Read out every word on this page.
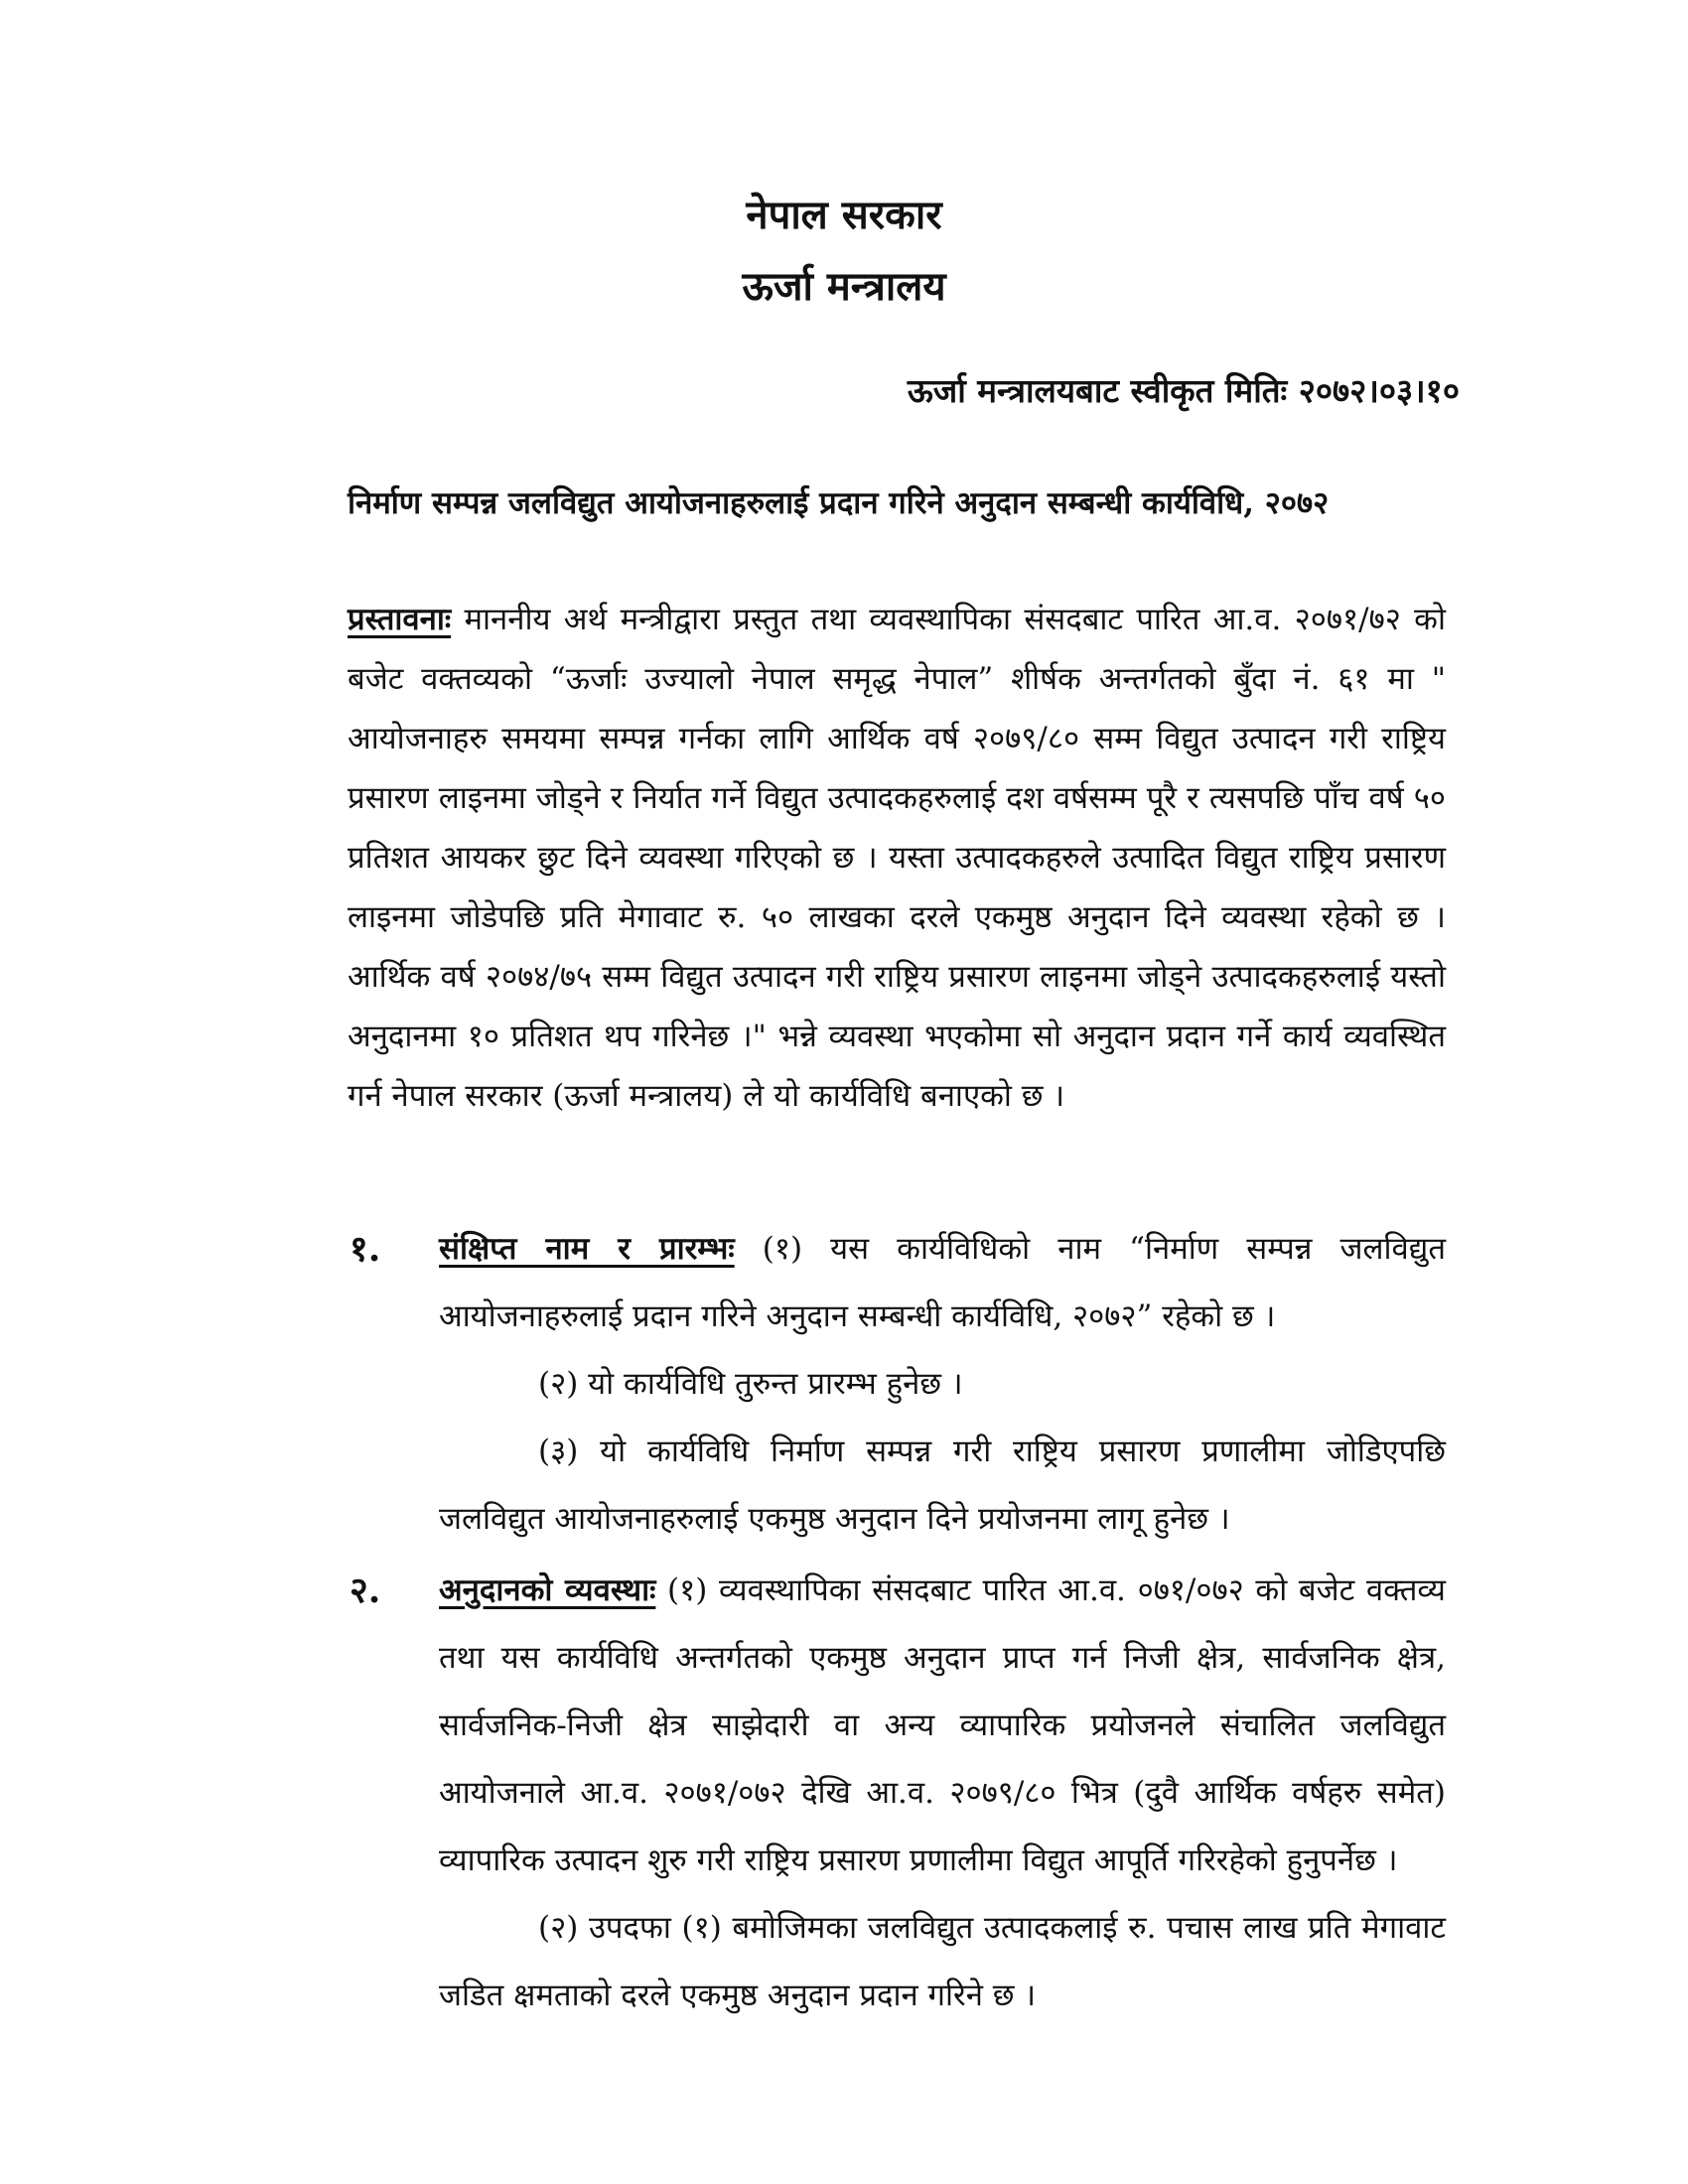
नेपाल सरकार
ऊर्जा मन्त्रालय
ऊर्जा मन्त्रालयबाट स्वीकृत मितिः २०७२।०३।१०
निर्माण सम्पन्न जलविद्युत आयोजनाहरुलाई प्रदान गरिने अनुदान सम्बन्धी कार्यविधि, २०७२
प्रस्तावनाः माननीय अर्थ मन्त्रीद्वारा प्रस्तुत तथा व्यवस्थापिका संसदबाट पारित आ.व. २०७१/७२ को बजेट वक्तव्यको “ऊर्जाः उज्यालो नेपाल समृद्ध नेपाल” शीर्षक अन्तर्गतको बुँदा नं. ६१ मा " आयोजनाहरु समयमा सम्पन्न गर्नका लागि आर्थिक वर्ष २०७९/८० सम्म विद्युत उत्पादन गरी राष्ट्रिय प्रसारण लाइनमा जोड्ने र निर्यात गर्ने विद्युत उत्पादकहरुलाई दश वर्षसम्म पूरै र त्यसपछि पाँच वर्ष ५० प्रतिशत आयकर छुट दिने व्यवस्था गरिएको छ । यस्ता उत्पादकहरुले उत्पादित विद्युत राष्ट्रिय प्रसारण लाइनमा जोडेपछि प्रति मेगावाट रु. ५० लाखका दरले एकमुष्ठ अनुदान दिने व्यवस्था रहेको छ । आर्थिक वर्ष २०७४/७५ सम्म विद्युत उत्पादन गरी राष्ट्रिय प्रसारण लाइनमा जोड्ने उत्पादकहरुलाई यस्तो अनुदानमा १० प्रतिशत थप गरिनेछ ।" भन्ने व्यवस्था भएकोमा सो अनुदान प्रदान गर्ने कार्य व्यवस्थित गर्न नेपाल सरकार (ऊर्जा मन्त्रालय) ले यो कार्यविधि बनाएको छ ।
१. संक्षिप्त नाम र प्रारम्भः (१) यस कार्यविधिको नाम “निर्माण सम्पन्न जलविद्युत आयोजनाहरुलाई प्रदान गरिने अनुदान सम्बन्धी कार्यविधि, २०७२” रहेको छ ।

(२) यो कार्यविधि तुरुन्त प्रारम्भ हुनेछ ।

(३) यो कार्यविधि निर्माण सम्पन्न गरी राष्ट्रिय प्रसारण प्रणालीमा जोडिएपछि जलविद्युत आयोजनाहरुलाई एकमुष्ठ अनुदान दिने प्रयोजनमा लागू हुनेछ ।

२. अनुदानको व्यवस्थाः (१) व्यवस्थापिका संसदबाट पारित आ.व. ०७१/०७२ को बजेट वक्तव्य तथा यस कार्यविधि अन्तर्गतको एकमुष्ठ अनुदान प्राप्त गर्न निजी क्षेत्र, सार्वजनिक क्षेत्र, सार्वजनिक-निजी क्षेत्र साझेदारी वा अन्य व्यापारिक प्रयोजनले संचालित जलविद्युत आयोजनाले आ.व. २०७१/०७२ देखि आ.व. २०७९/८० भित्र (दुवै आर्थिक वर्षहरु समेत) व्यापारिक उत्पादन शुरु गरी राष्ट्रिय प्रसारण प्रणालीमा विद्युत आपूर्ति गरिरहेको हुनुपर्नेछ ।

(२) उपदफा (१) बमोजिमका जलविद्युत उत्पादकलाई रु. पचास लाख प्रति मेगावाट जडित क्षमताको दरले एकमुष्ठ अनुदान प्रदान गरिने छ ।
